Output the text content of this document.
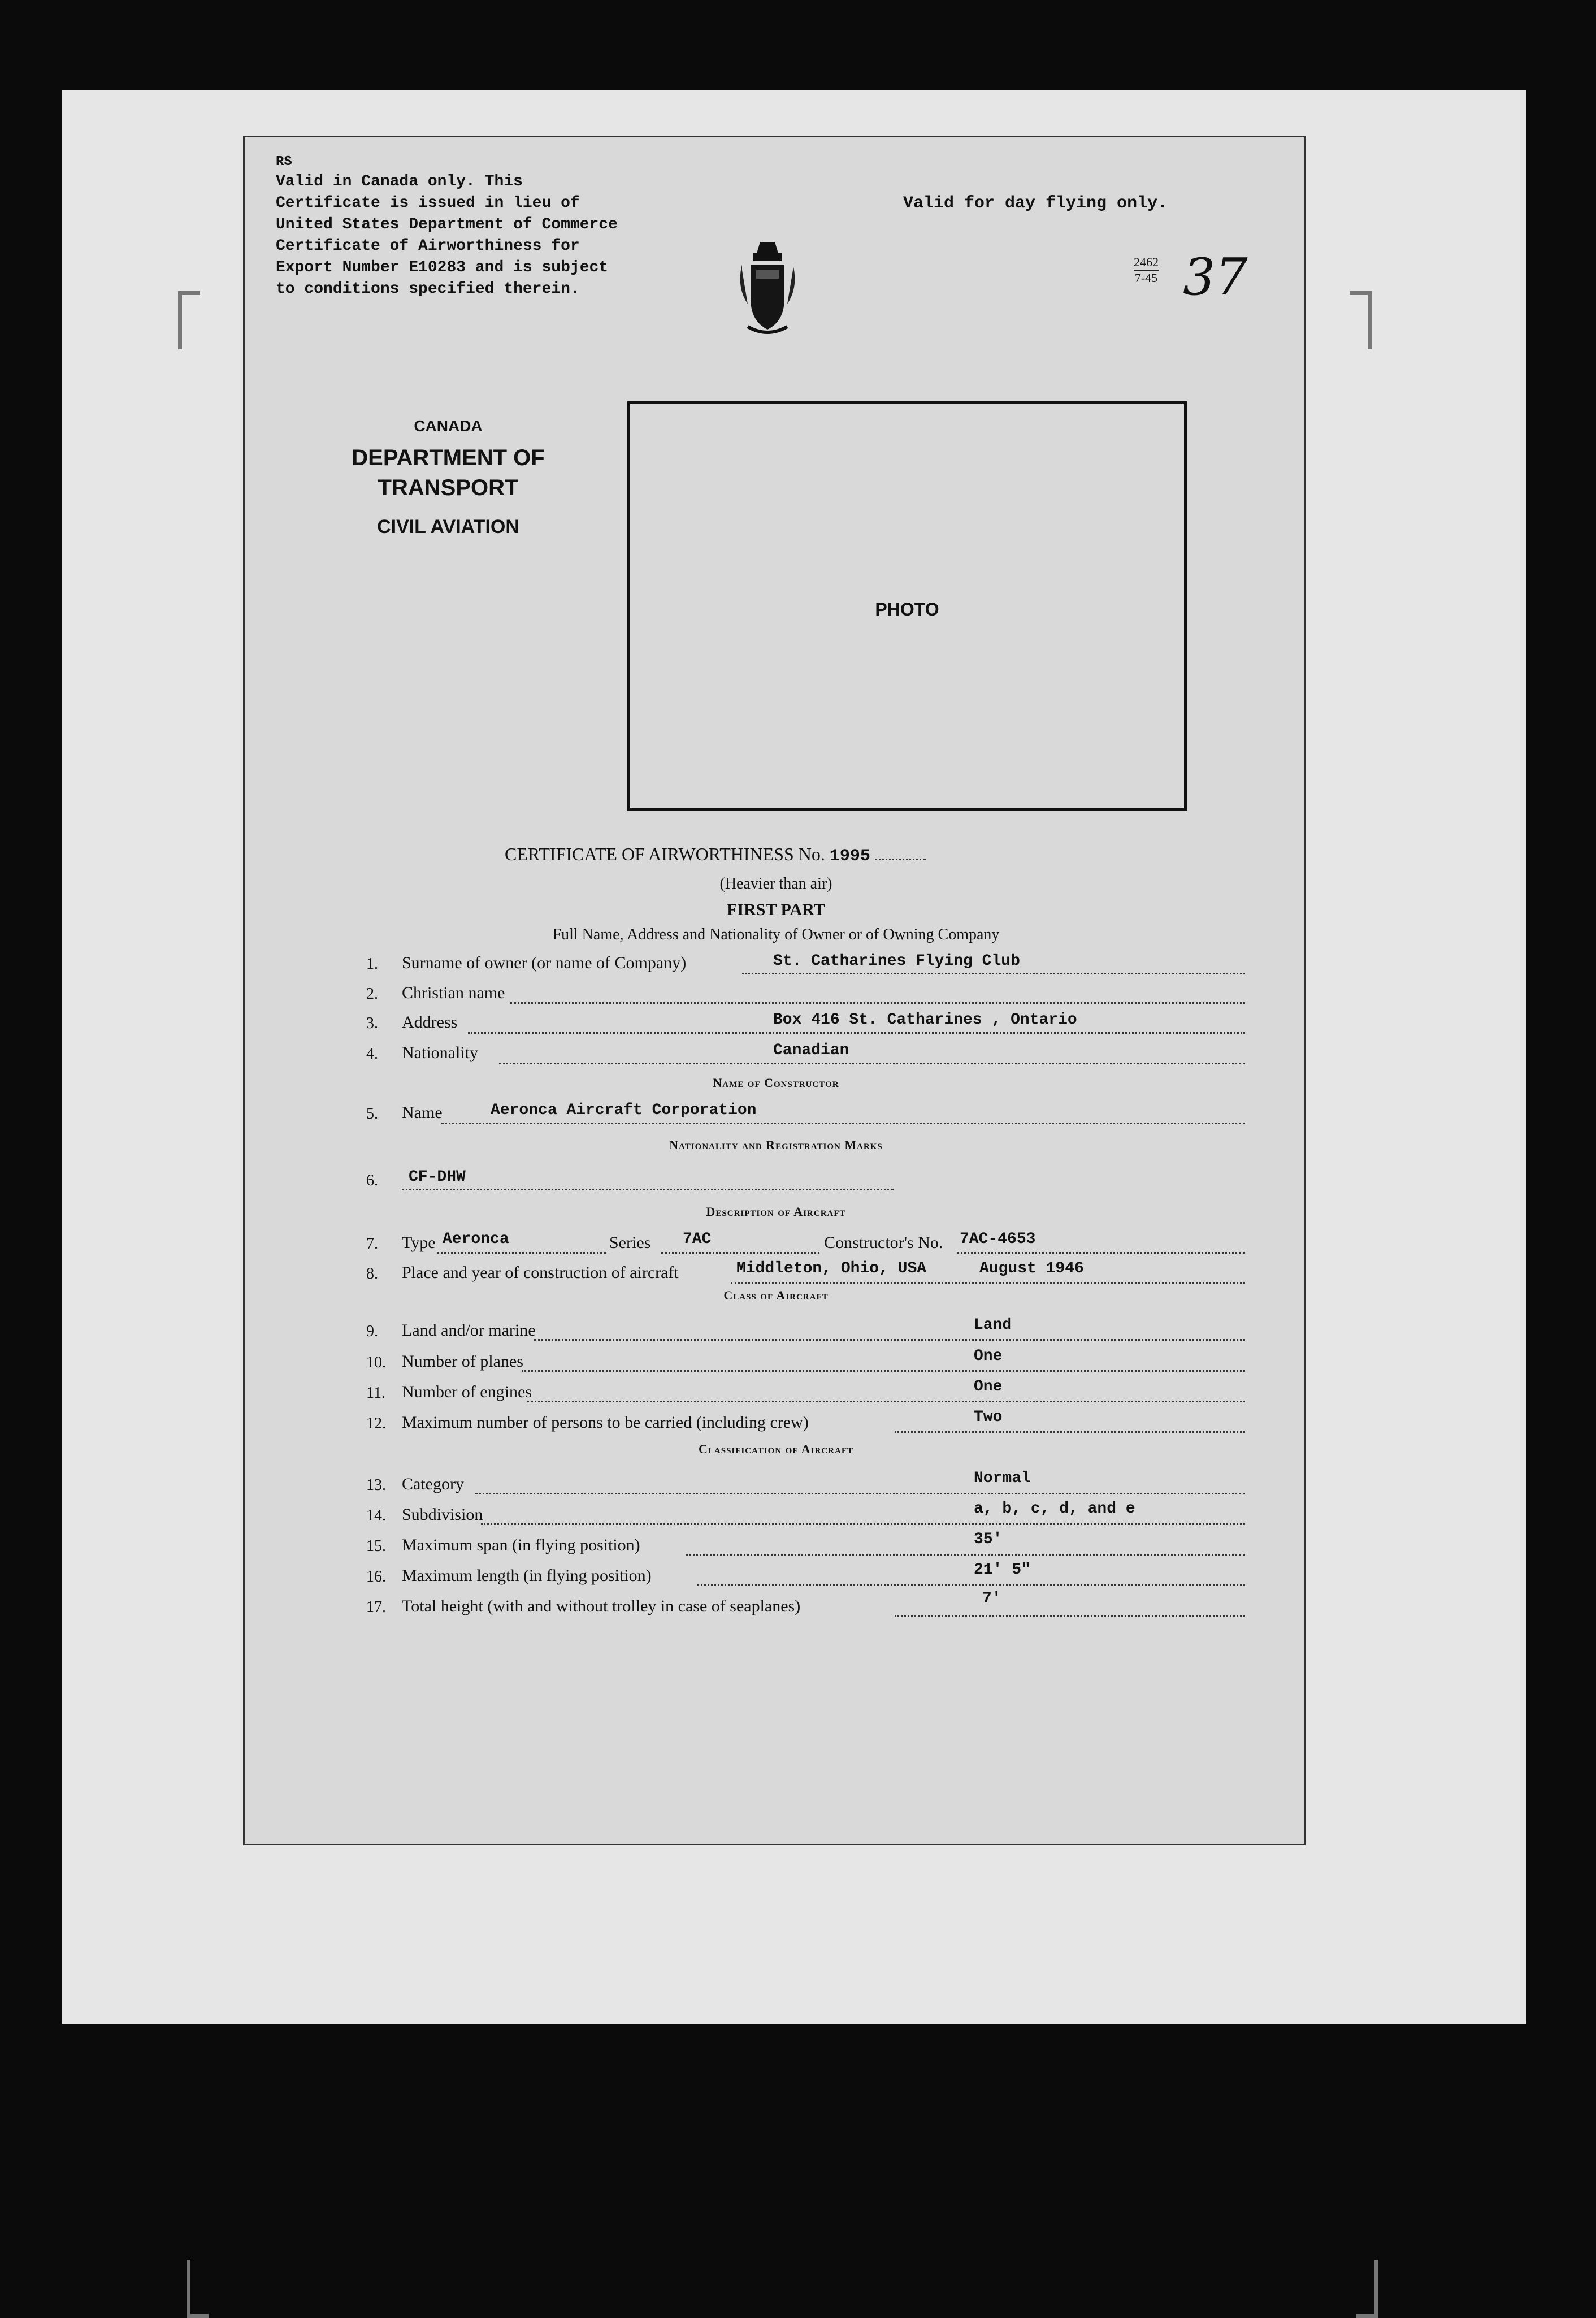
RS
Valid in Canada only. This
Certificate is issued in lieu of
United States Department of Commerce
Certificate of Airworthiness for
Export Number E10283 and is subject
to conditions specified therein.
Valid for day flying only.
2462
7-45 37
CANADA
DEPARTMENT OF
TRANSPORT
CIVIL AVIATION
CERTIFICATE OF AIRWORTHINESS No. 1995
(Heavier than air)
FIRST PART
Full Name, Address and Nationality of Owner or of Owning Company
1. Surname of owner (or name of Company)	St. Catharines Flying Club
2. Christian name
3. Address	Box 416 St. Catharines , Ontario
4. Nationality	Canadian
Name of Constructor
5. Name	Aeronca Aircraft Corporation
Nationality and Registration Marks
6. CF-DHW
Description of Aircraft
7. Type Aeronca	Series 7AC	Constructor's No. 7AC-4653
8. Place and year of construction of aircraft	Middleton, Ohio, USA	August 1946
Class of Aircraft
9. Land and/or marine	Land
10. Number of planes	One
11. Number of engines	One
12. Maximum number of persons to be carried (including crew)	Two
Classification of Aircraft
13. Category	Normal
14. Subdivision	a, b, c, d, and e
15. Maximum span (in flying position)	35'
16. Maximum length (in flying position)	21' 5"
17. Total height (with and without trolley in case of seaplanes)	7'
PHOTO
